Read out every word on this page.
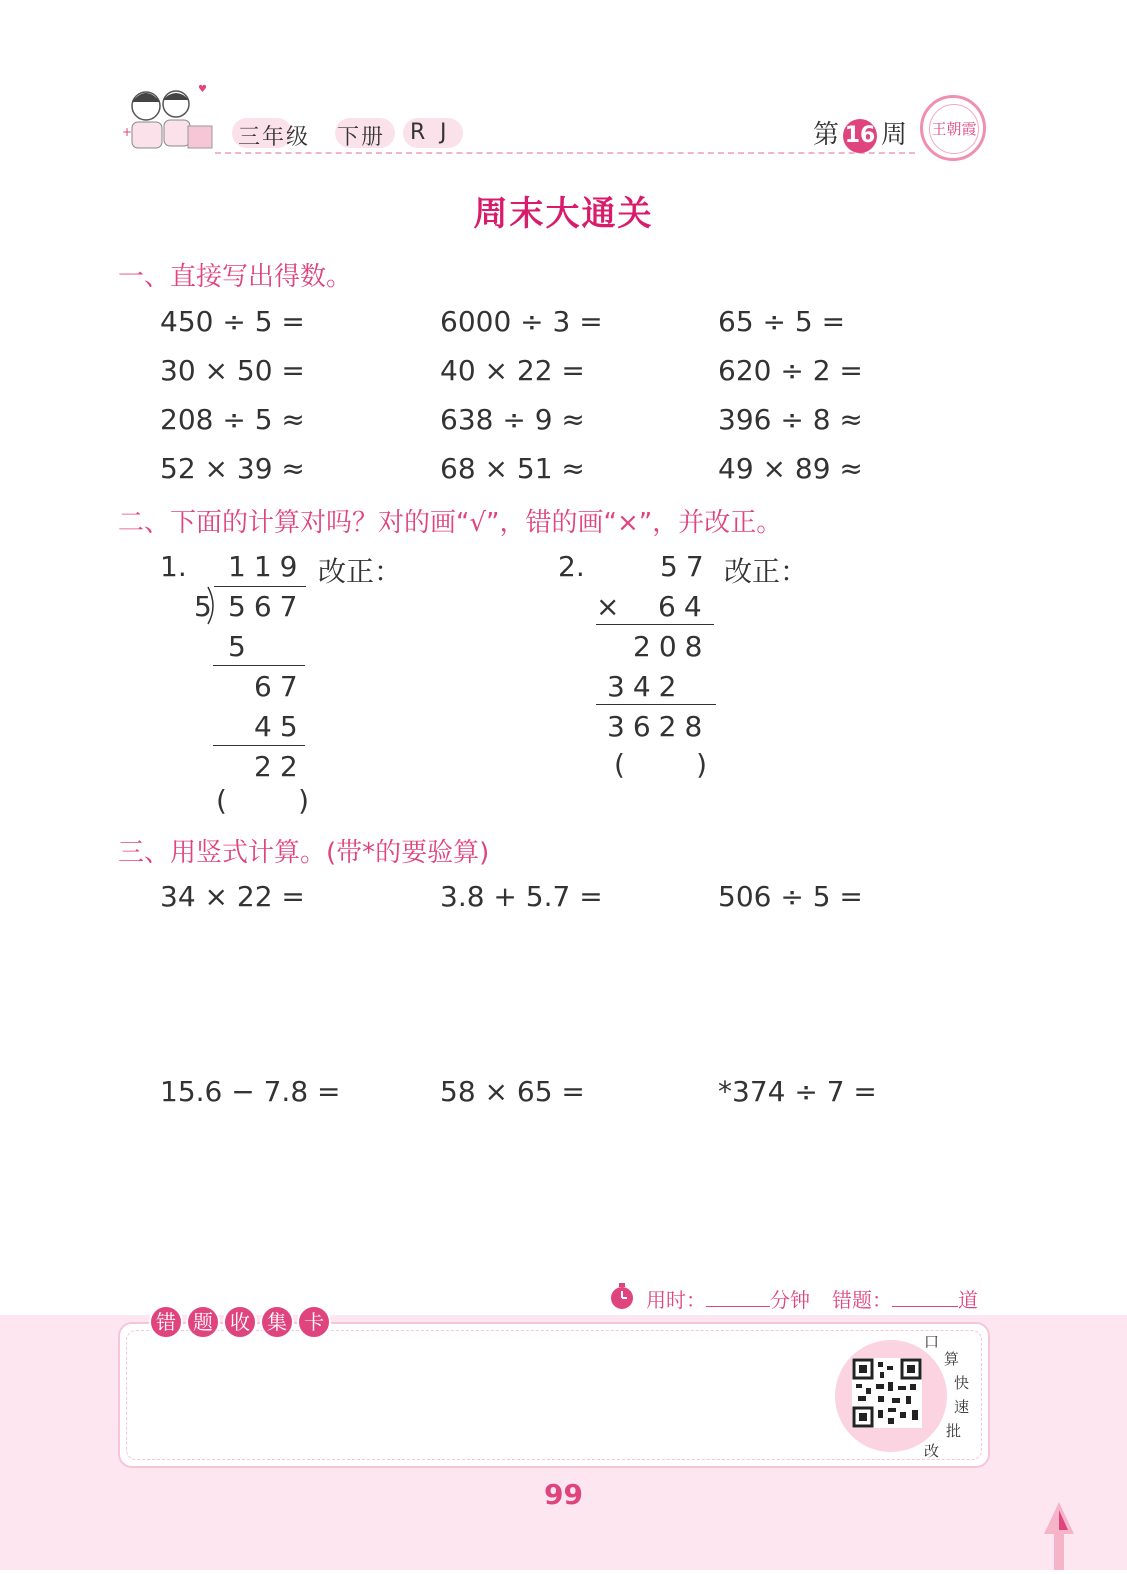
♥
+	三年级 下册 R J	第 16 周 王朝霞
周末大通关
一、直接写出得数。
450 ÷ 5 =	6000 ÷ 3 =	65 ÷ 5 =
30 × 50 =	40 × 22 =	620 ÷ 2 =
208 ÷ 5 ≈	638 ÷ 9 ≈	396 ÷ 8 ≈
52 × 39 ≈	68 × 51 ≈	49 × 89 ≈
二、下面的计算对吗？对的画“√”，错的画“×”，并改正。
1. 119 改正：
5 567
5
67
45
22
(        )
2.	57 改正：
× 64
208
342
3628
(        )
三、用竖式计算。(带*的要验算)
34 × 22 =	3.8 + 5.7 =	506 ÷ 5 =
15.6 − 7.8 =	58 × 65 =	*374 ÷ 7 =
用时：	分钟 错题：	道
错 题 收 集 卡
口
算
快
速
批
改
99
